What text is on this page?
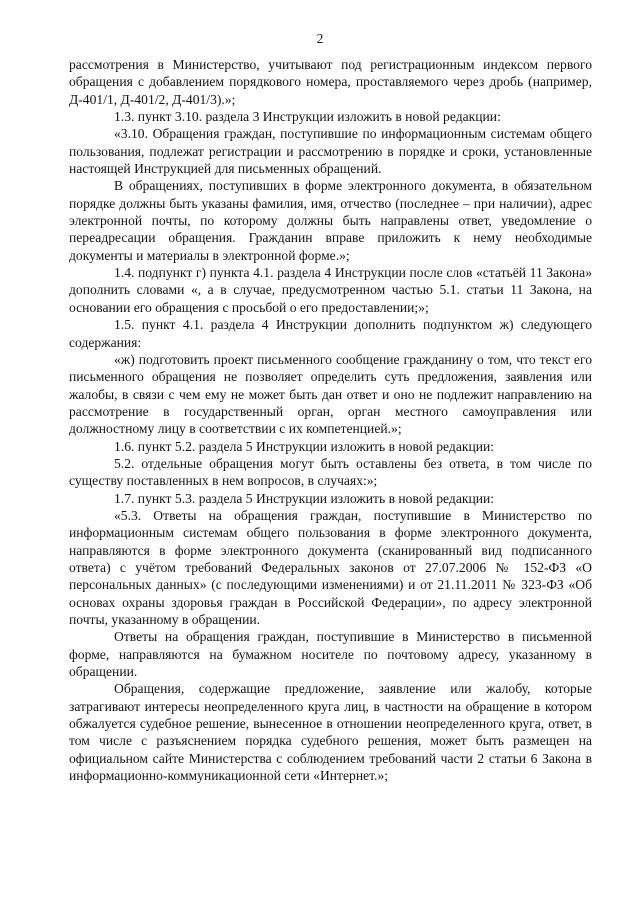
2

рассмотрения в Министерство, учитывают под регистрационным индексом первого обращения с добавлением порядкового номера, проставляемого через дробь (например, Д-401/1, Д-401/2, Д-401/3).»;

1.3. пункт 3.10. раздела 3 Инструкции изложить в новой редакции:

«3.10. Обращения граждан, поступившие по информационным системам общего пользования, подлежат регистрации и рассмотрению в порядке и сроки, установленные настоящей Инструкцией для письменных обращений.

В обращениях, поступивших в форме электронного документа, в обязательном порядке должны быть указаны фамилия, имя, отчество (последнее – при наличии), адрес электронной почты, по которому должны быть направлены ответ, уведомление о переадресации обращения. Гражданин вправе приложить к нему необходимые документы и материалы в электронной форме.»;

1.4. подпункт г) пункта 4.1. раздела 4 Инструкции после слов «статьёй 11 Закона» дополнить словами «, а в случае, предусмотренном частью 5.1. статьи 11 Закона, на основании его обращения с просьбой о его предоставлении;»;

1.5. пункт 4.1. раздела 4 Инструкции дополнить подпунктом ж) следующего содержания:

«ж) подготовить проект письменного сообщение гражданину о том, что текст его письменного обращения не позволяет определить суть предложения, заявления или жалобы, в связи с чем ему не может быть дан ответ и оно не подлежит направлению на рассмотрение в государственный орган, орган местного самоуправления или должностному лицу в соответствии с их компетенцией.»;

1.6. пункт 5.2. раздела 5 Инструкции изложить в новой редакции:

5.2. отдельные обращения могут быть оставлены без ответа, в том числе по существу поставленных в нем вопросов, в случаях:»;

1.7. пункт 5.3. раздела 5 Инструкции изложить в новой редакции:

«5.3. Ответы на обращения граждан, поступившие в Министерство по информационным системам общего пользования в форме электронного документа, направляются в форме электронного документа (сканированный вид подписанного ответа) с учётом требований Федеральных законов от 27.07.2006 № 152-ФЗ «О персональных данных» (с последующими изменениями) и от 21.11.2011 № 323-ФЗ «Об основах охраны здоровья граждан в Российской Федерации», по адресу электронной почты, указанному в обращении.

Ответы на обращения граждан, поступившие в Министерство в письменной форме, направляются на бумажном носителе по почтовому адресу, указанному в обращении.

Обращения, содержащие предложение, заявление или жалобу, которые затрагивают интересы неопределенного круга лиц, в частности на обращение в котором обжалуется судебное решение, вынесенное в отношении неопределенного круга, ответ, в том числе с разъяснением порядка судебного решения, может быть размещен на официальном сайте Министерства с соблюдением требований части 2 статьи 6 Закона в информационно-коммуникационной сети «Интернет.»;
